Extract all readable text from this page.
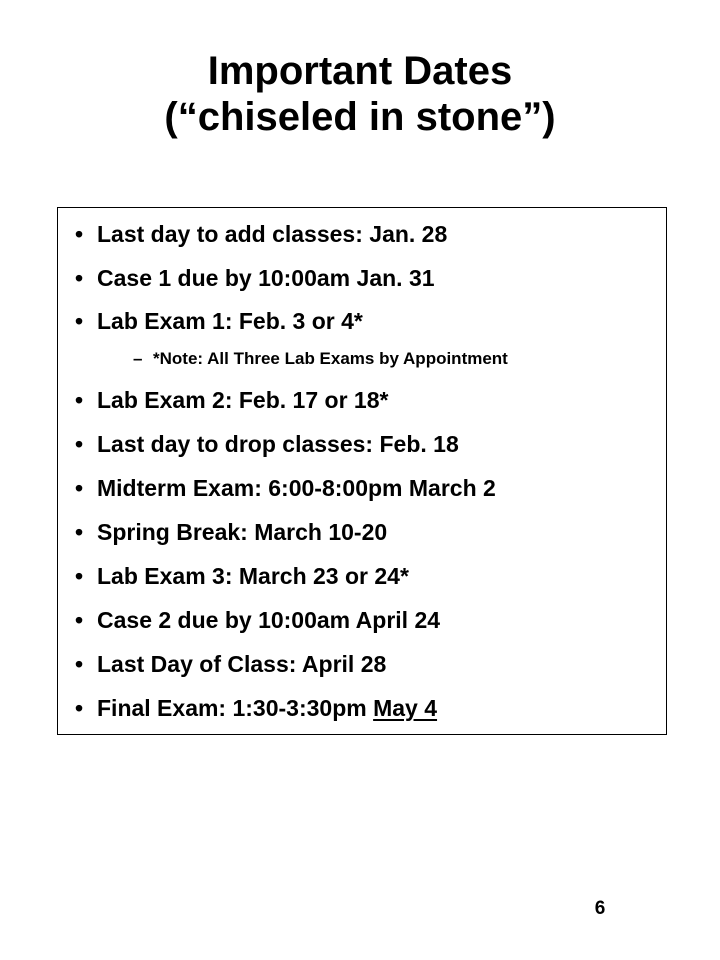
Important Dates
(“chiseled in stone”)
• Last day to add classes: Jan. 28
• Case 1 due by 10:00am Jan. 31
• Lab Exam 1: Feb. 3 or 4*
– *Note: All Three Lab Exams by Appointment
• Lab Exam 2: Feb. 17 or 18*
• Last day to drop classes: Feb. 18
• Midterm Exam: 6:00-8:00pm March 2
• Spring Break: March 10-20
• Lab Exam 3: March 23 or 24*
• Case 2 due by 10:00am April 24
• Last Day of Class: April 28
• Final Exam: 1:30-3:30pm May 4
6
